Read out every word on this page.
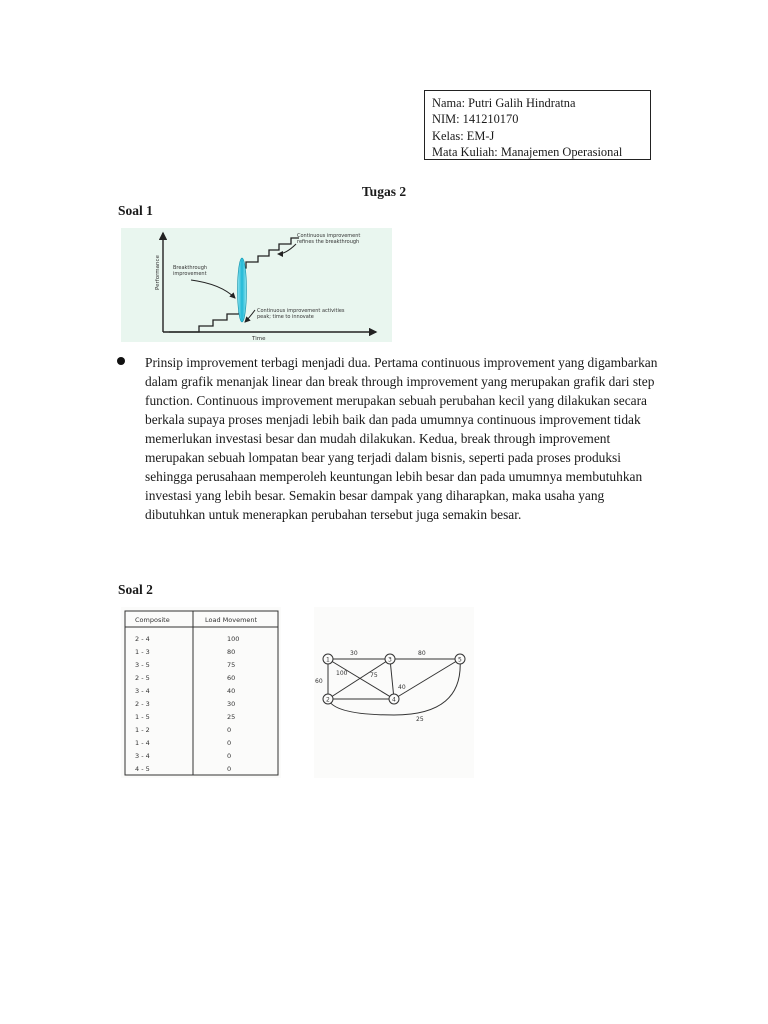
Nama: Putri Galih Hindratna
NIM: 141210170
Kelas: EM-J
Mata Kuliah: Manajemen Operasional
Tugas 2
Soal 1
Performance
Time
Continuous improvement
refines the breakthrough
Breakthrough
improvement
Continuous improvement activities
peak; time to innovate

Prinsip improvement terbagi menjadi dua. Pertama continuous improvement yang digambarkan dalam grafik menanjak linear dan break through improvement yang merupakan grafik dari step function. Continuous improvement merupakan sebuah perubahan kecil yang dilakukan secara berkala supaya proses menjadi lebih baik dan pada umumnya continuous improvement tidak memerlukan investasi besar dan mudah dilakukan. Kedua, break through improvement merupakan sebuah lompatan bear yang terjadi dalam bisnis, seperti pada proses produksi sehingga perusahaan memperoleh keuntungan lebih besar dan pada umumnya membutuhkan investasi yang lebih besar. Semakin besar dampak yang diharapkan, maka usaha yang dibutuhkan untuk menerapkan perubahan tersebut juga semakin besar.

Soal 2
Composite	Load Movement
2 - 4	100
1 - 3	80
3 - 5	75
2 - 5	60
3 - 4	40
2 - 3	30
1 - 5	25
1 - 2	0
1 - 4	0
3 - 4	0
4 - 5	0
1
2
3
4
5
30	80
60
100	75
40
25
